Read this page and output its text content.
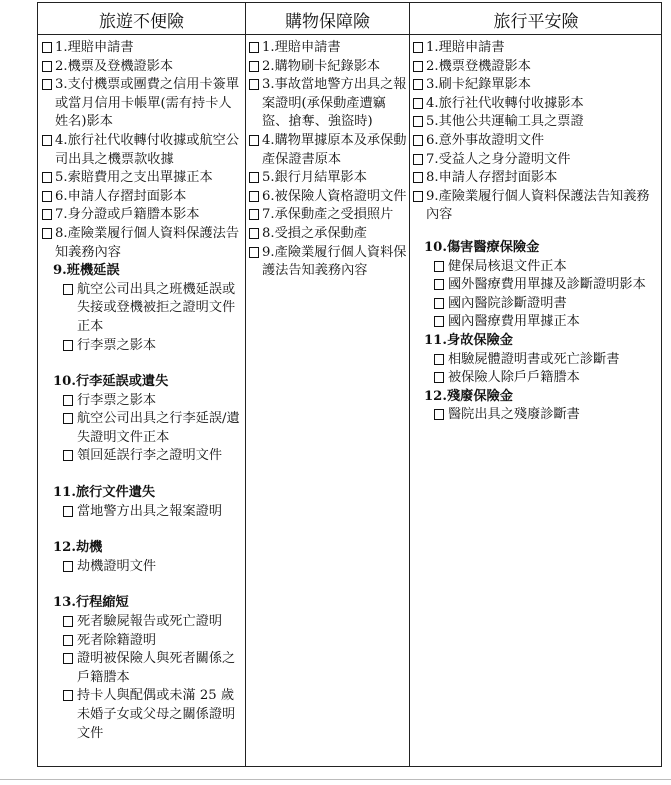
旅遊不便險	購物保障險	旅行平安險
1.理賠申請書
2.機票及登機證影本
3.支付機票或團費之信用卡簽單或當月信用卡帳單(需有持卡人姓名)影本
4.旅行社代收轉付收據或航空公司出具之機票款收據
5.索賠費用之支出單據正本
6.申請人存摺封面影本
7.身分證或戶籍謄本影本
8.產險業履行個人資料保護法告知義務內容
9.班機延誤
航空公司出具之班機延誤或失接或登機被拒之證明文件正本
行李票之影本
10.行李延誤或遺失
行李票之影本
航空公司出具之行李延誤/遺失證明文件正本
領回延誤行李之證明文件
11.旅行文件遺失
當地警方出具之報案證明
12.劫機
劫機證明文件
13.行程縮短
死者驗屍報告或死亡證明
死者除籍證明
證明被保險人與死者關係之戶籍謄本
持卡人與配偶或未滿 25 歲未婚子女或父母之關係證明文件
1.理賠申請書
2.購物刷卡紀錄影本
3.事故當地警方出具之報案證明(承保動產遭竊盜、搶奪、強盜時)
4.購物單據原本及承保動產保證書原本
5.銀行月結單影本
6.被保險人資格證明文件
7.承保動產之受損照片
8.受損之承保動產
9.產險業履行個人資料保護法告知義務內容
1.理賠申請書
2.機票登機證影本
3.刷卡紀錄單影本
4.旅行社代收轉付收據影本
5.其他公共運輸工具之票證
6.意外事故證明文件
7.受益人之身分證明文件
8.申請人存摺封面影本
9.產險業履行個人資料保護法告知義務內容
10.傷害醫療保險金
健保局核退文件正本
國外醫療費用單據及診斷證明影本
國內醫院診斷證明書
國內醫療費用單據正本
11.身故保險金
相驗屍體證明書或死亡診斷書
被保險人除戶戶籍謄本
12.殘廢保險金
醫院出具之殘廢診斷書
